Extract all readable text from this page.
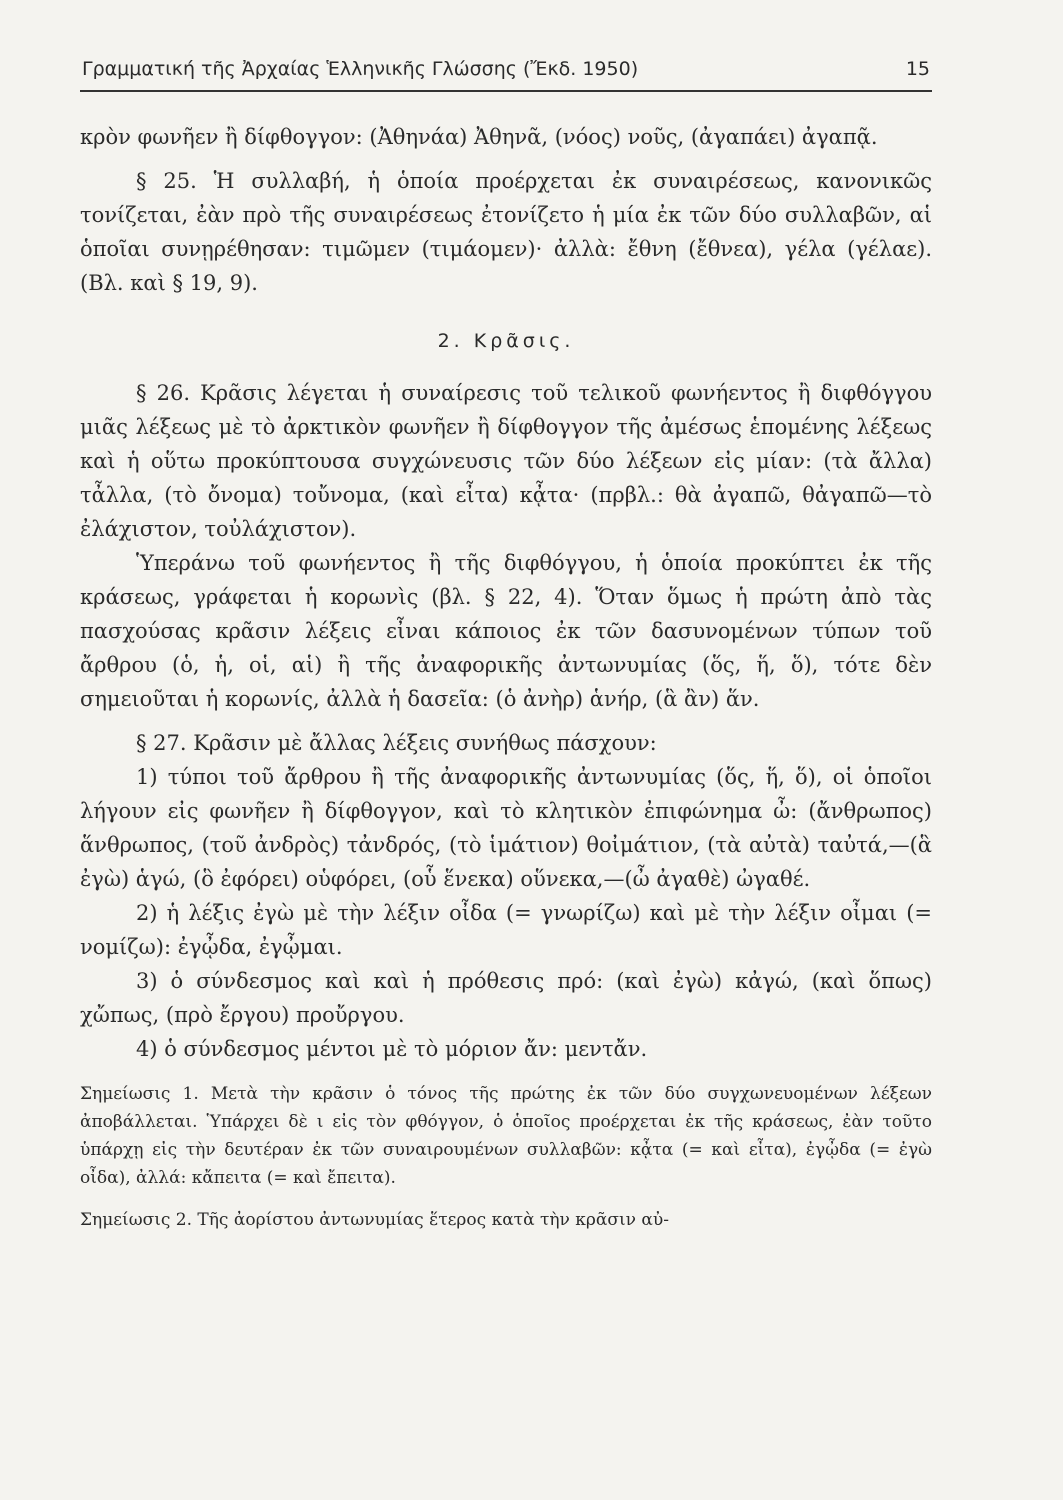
Γραμματική τῆς Ἀρχαίας Ἑλληνικῆς Γλώσσης (Ἔκδ. 1950)	15

κρὸν φωνῆεν ἢ δίφθογγον: (Ἀθηνάα) Ἀθηνᾶ, (νόος) νοῦς, (ἀγαπάει) ἀγαπᾷ.

§ 25. Ἡ συλλαβή, ἡ ὁποία προέρχεται ἐκ συναιρέσεως, κανονικῶς τονίζεται, ἐὰν πρὸ τῆς συναιρέσεως ἐτονίζετο ἡ μία ἐκ τῶν δύο συλλαβῶν, αἱ ὁποῖαι συνῃρέθησαν: τιμῶμεν (τιμάομεν)· ἀλλὰ: ἔθνη (ἔθνεα), γέλα (γέλαε). (Βλ. καὶ § 19, 9).

2. Κρᾶσις.

§ 26. Κρᾶσις λέγεται ἡ συναίρεσις τοῦ τελικοῦ φωνήεντος ἢ διφθόγγου μιᾶς λέξεως μὲ τὸ ἀρκτικὸν φωνῆεν ἢ δίφθογγον τῆς ἀμέσως ἑπομένης λέξεως καὶ ἡ οὕτω προκύπτουσα συγχώνευσις τῶν δύο λέξεων εἰς μίαν: (τὰ ἄλλα) τἆλλα, (τὸ ὄνομα) τοὔνομα, (καὶ εἶτα) κᾆτα· (πρβλ.: θὰ ἀγαπῶ, θἀγαπῶ—τὸ ἐλάχιστον, τοὐλάχιστον).

Ὑπεράνω τοῦ φωνήεντος ἢ τῆς διφθόγγου, ἡ ὁποία προκύπτει ἐκ τῆς κράσεως, γράφεται ἡ κορωνὶς (βλ. § 22, 4). Ὅταν ὅμως ἡ πρώτη ἀπὸ τὰς πασχούσας κρᾶσιν λέξεις εἶναι κάποιος ἐκ τῶν δασυνομένων τύπων τοῦ ἄρθρου (ὁ, ἡ, οἱ, αἱ) ἢ τῆς ἀναφορικῆς ἀντωνυμίας (ὅς, ἥ, ὅ), τότε δὲν σημειοῦται ἡ κορωνίς, ἀλλὰ ἡ δασεῖα: (ὁ ἀνὴρ) ἁνήρ, (ἃ ἂν) ἅν.

§ 27. Κρᾶσιν μὲ ἄλλας λέξεις συνήθως πάσχουν:

1) τύποι τοῦ ἄρθρου ἢ τῆς ἀναφορικῆς ἀντωνυμίας (ὅς, ἥ, ὅ), οἱ ὁποῖοι λήγουν εἰς φωνῆεν ἢ δίφθογγον, καὶ τὸ κλητικὸν ἐπιφώνημα ὦ: (ἄνθρωπος) ἅνθρωπος, (τοῦ ἀνδρὸς) τἀνδρός, (τὸ ἱμάτιον) θοἰμάτιον, (τὰ αὐτὰ) ταὐτά,—(ἃ ἐγὼ) ἁγώ, (ὃ ἐφόρει) οὑφόρει, (οὗ ἕνεκα) οὕνεκα,—(ὦ ἀγαθὲ) ὠγαθέ.

2) ἡ λέξις ἐγὼ μὲ τὴν λέξιν οἶδα (= γνωρίζω) καὶ μὲ τὴν λέξιν οἶμαι (= νομίζω): ἐγᾦδα, ἐγᾦμαι.

3) ὁ σύνδεσμος καὶ καὶ ἡ πρόθεσις πρό: (καὶ ἐγὼ) κἀγώ, (καὶ ὅπως) χὤπως, (πρὸ ἔργου) προὔργου.

4) ὁ σύνδεσμος μέντοι μὲ τὸ μόριον ἄν: μεντἄν.

Σημείωσις 1. Μετὰ τὴν κρᾶσιν ὁ τόνος τῆς πρώτης ἐκ τῶν δύο συγχωνευομένων λέξεων ἀποβάλλεται. Ὑπάρχει δὲ ι εἰς τὸν φθόγγον, ὁ ὁποῖος προέρχεται ἐκ τῆς κράσεως, ἐὰν τοῦτο ὑπάρχῃ εἰς τὴν δευτέραν ἐκ τῶν συναιρουμένων συλλαβῶν: κᾆτα (= καὶ εἶτα), ἐγᾦδα (= ἐγὼ οἶδα), ἀλλά: κἄπειτα (= καὶ ἔπειτα).

Σημείωσις 2. Τῆς ἀορίστου ἀντωνυμίας ἕτερος κατὰ τὴν κρᾶσιν αὐ-
